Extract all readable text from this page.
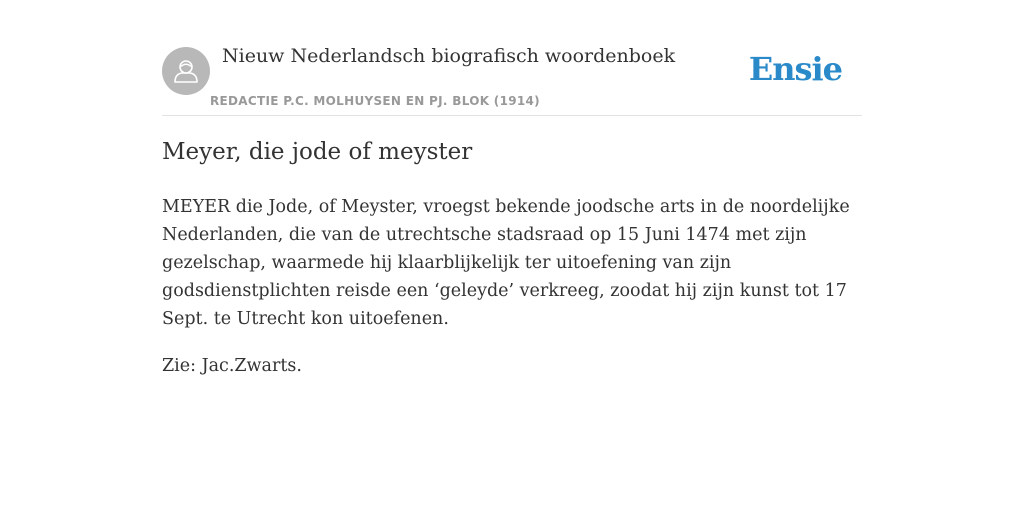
Nieuw Nederlandsch biografisch woordenboek
REDACTIE P.C. MOLHUYSEN EN PJ. BLOK (1914)
Ensie
Meyer, die jode of meyster

MEYER die Jode, of Meyster, vroegst bekende joodsche arts in de noordelijke Nederlanden, die van de utrechtsche stadsraad op 15 Juni 1474 met zijn gezelschap, waarmede hij klaarblijkelijk ter uitoefening van zijn godsdienstplichten reisde een ‘geleyde’ verkreeg, zoodat hij zijn kunst tot 17 Sept. te Utrecht kon uitoefenen.

Zie: Jac.Zwarts.
